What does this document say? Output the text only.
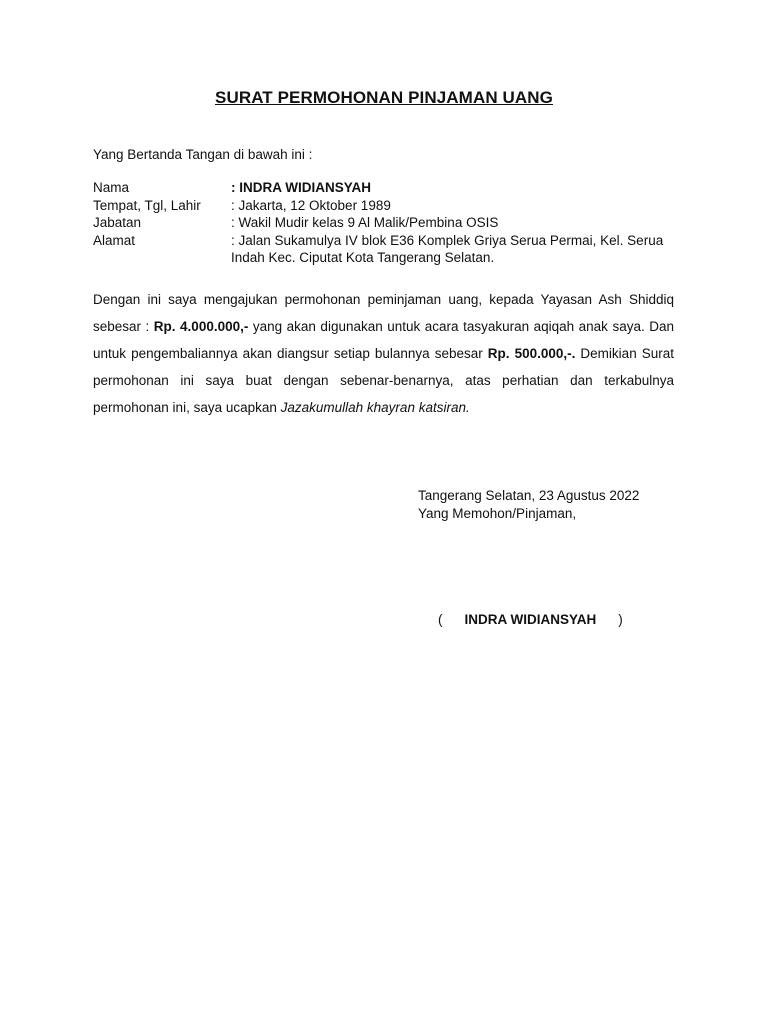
SURAT PERMOHONAN PINJAMAN UANG
Yang Bertanda Tangan di bawah ini :
Nama	: INDRA WIDIANSYAH
Tempat, Tgl, Lahir	: Jakarta, 12 Oktober 1989
Jabatan	: Wakil Mudir kelas 9 Al Malik/Pembina OSIS
Alamat	: Jalan Sukamulya IV blok E36 Komplek Griya Serua Permai, Kel. Serua
Indah Kec. Ciputat Kota Tangerang Selatan.
Dengan ini saya mengajukan permohonan peminjaman uang, kepada Yayasan Ash Shiddiq sebesar : Rp. 4.000.000,- yang akan digunakan untuk acara tasyakuran aqiqah anak saya. Dan untuk pengembaliannya akan diangsur setiap bulannya sebesar Rp. 500.000,-. Demikian Surat permohonan ini saya buat dengan sebenar-benarnya, atas perhatian dan terkabulnya permohonan ini, saya ucapkan Jazakumullah khayran katsiran.
Tangerang Selatan, 23 Agustus 2022
Yang Memohon/Pinjaman,
( INDRA WIDIANSYAH )
